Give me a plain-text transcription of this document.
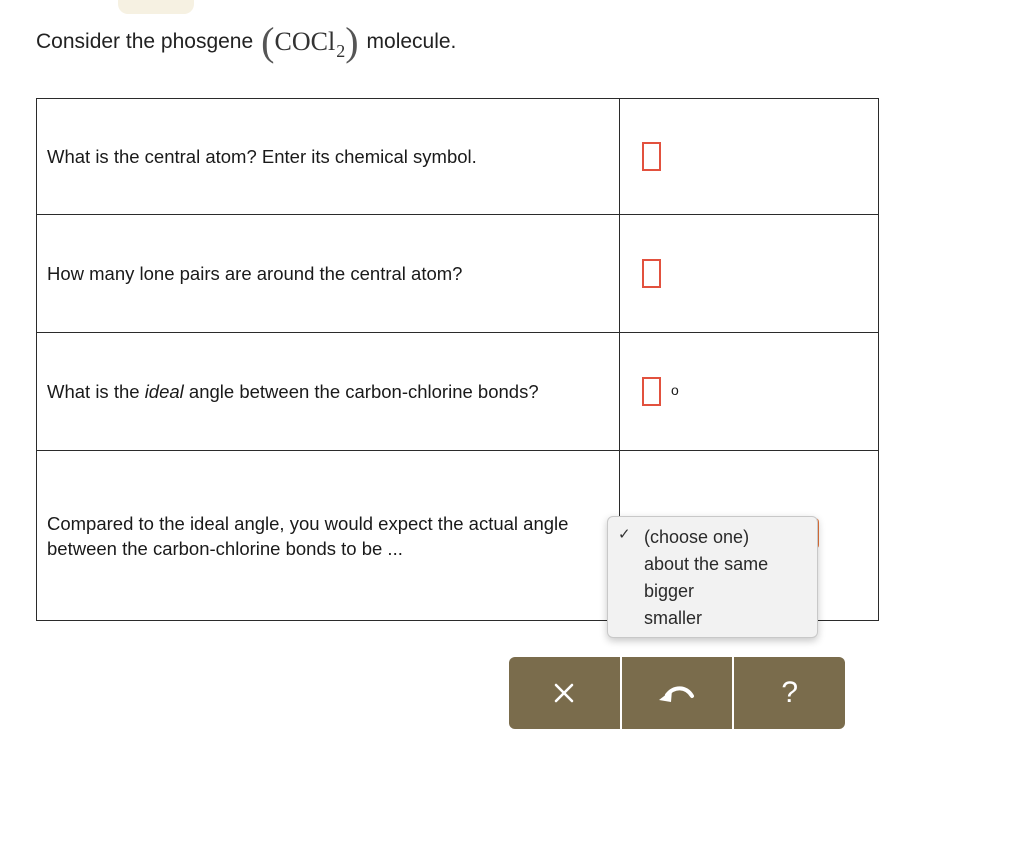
Consider the phosgene ( COCl 2 ) molecule.
What is the central atom? Enter its chemical symbol.	
How many lone pairs are around the central atom?	
What is the ideal angle between the carbon-chlorine bonds?	o

Compared to the ideal angle, you would expect the actual angle between the carbon-chlorine bonds to be ...	
✓ (choose one)
about the same
bigger
smaller
?
